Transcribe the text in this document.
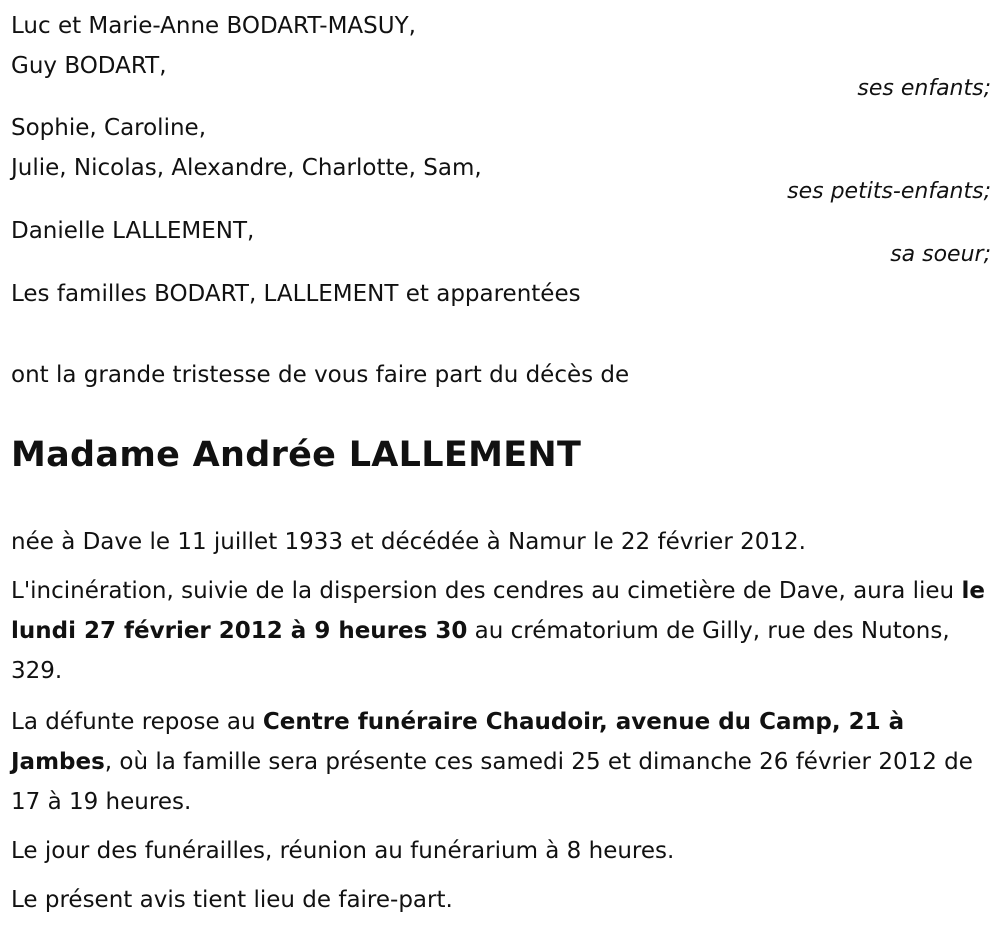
Luc et Marie-Anne BODART-MASUY,
Guy BODART,
ses enfants;
Sophie, Caroline,
Julie, Nicolas, Alexandre, Charlotte, Sam,
ses petits-enfants;
Danielle LALLEMENT,
sa soeur;
Les familles BODART, LALLEMENT et apparentées
ont la grande tristesse de vous faire part du décès de
Madame Andrée LALLEMENT
née à Dave le 11 juillet 1933 et décédée à Namur le 22 février 2012.
L'incinération, suivie de la dispersion des cendres au cimetière de Dave, aura lieu le lundi 27 février 2012 à 9 heures 30 au crématorium de Gilly, rue des Nutons, 329.
La défunte repose au Centre funéraire Chaudoir, avenue du Camp, 21 à Jambes, où la famille sera présente ces samedi 25 et dimanche 26 février 2012 de 17 à 19 heures.
Le jour des funérailles, réunion au funérarium à 8 heures.
Le présent avis tient lieu de faire-part.
